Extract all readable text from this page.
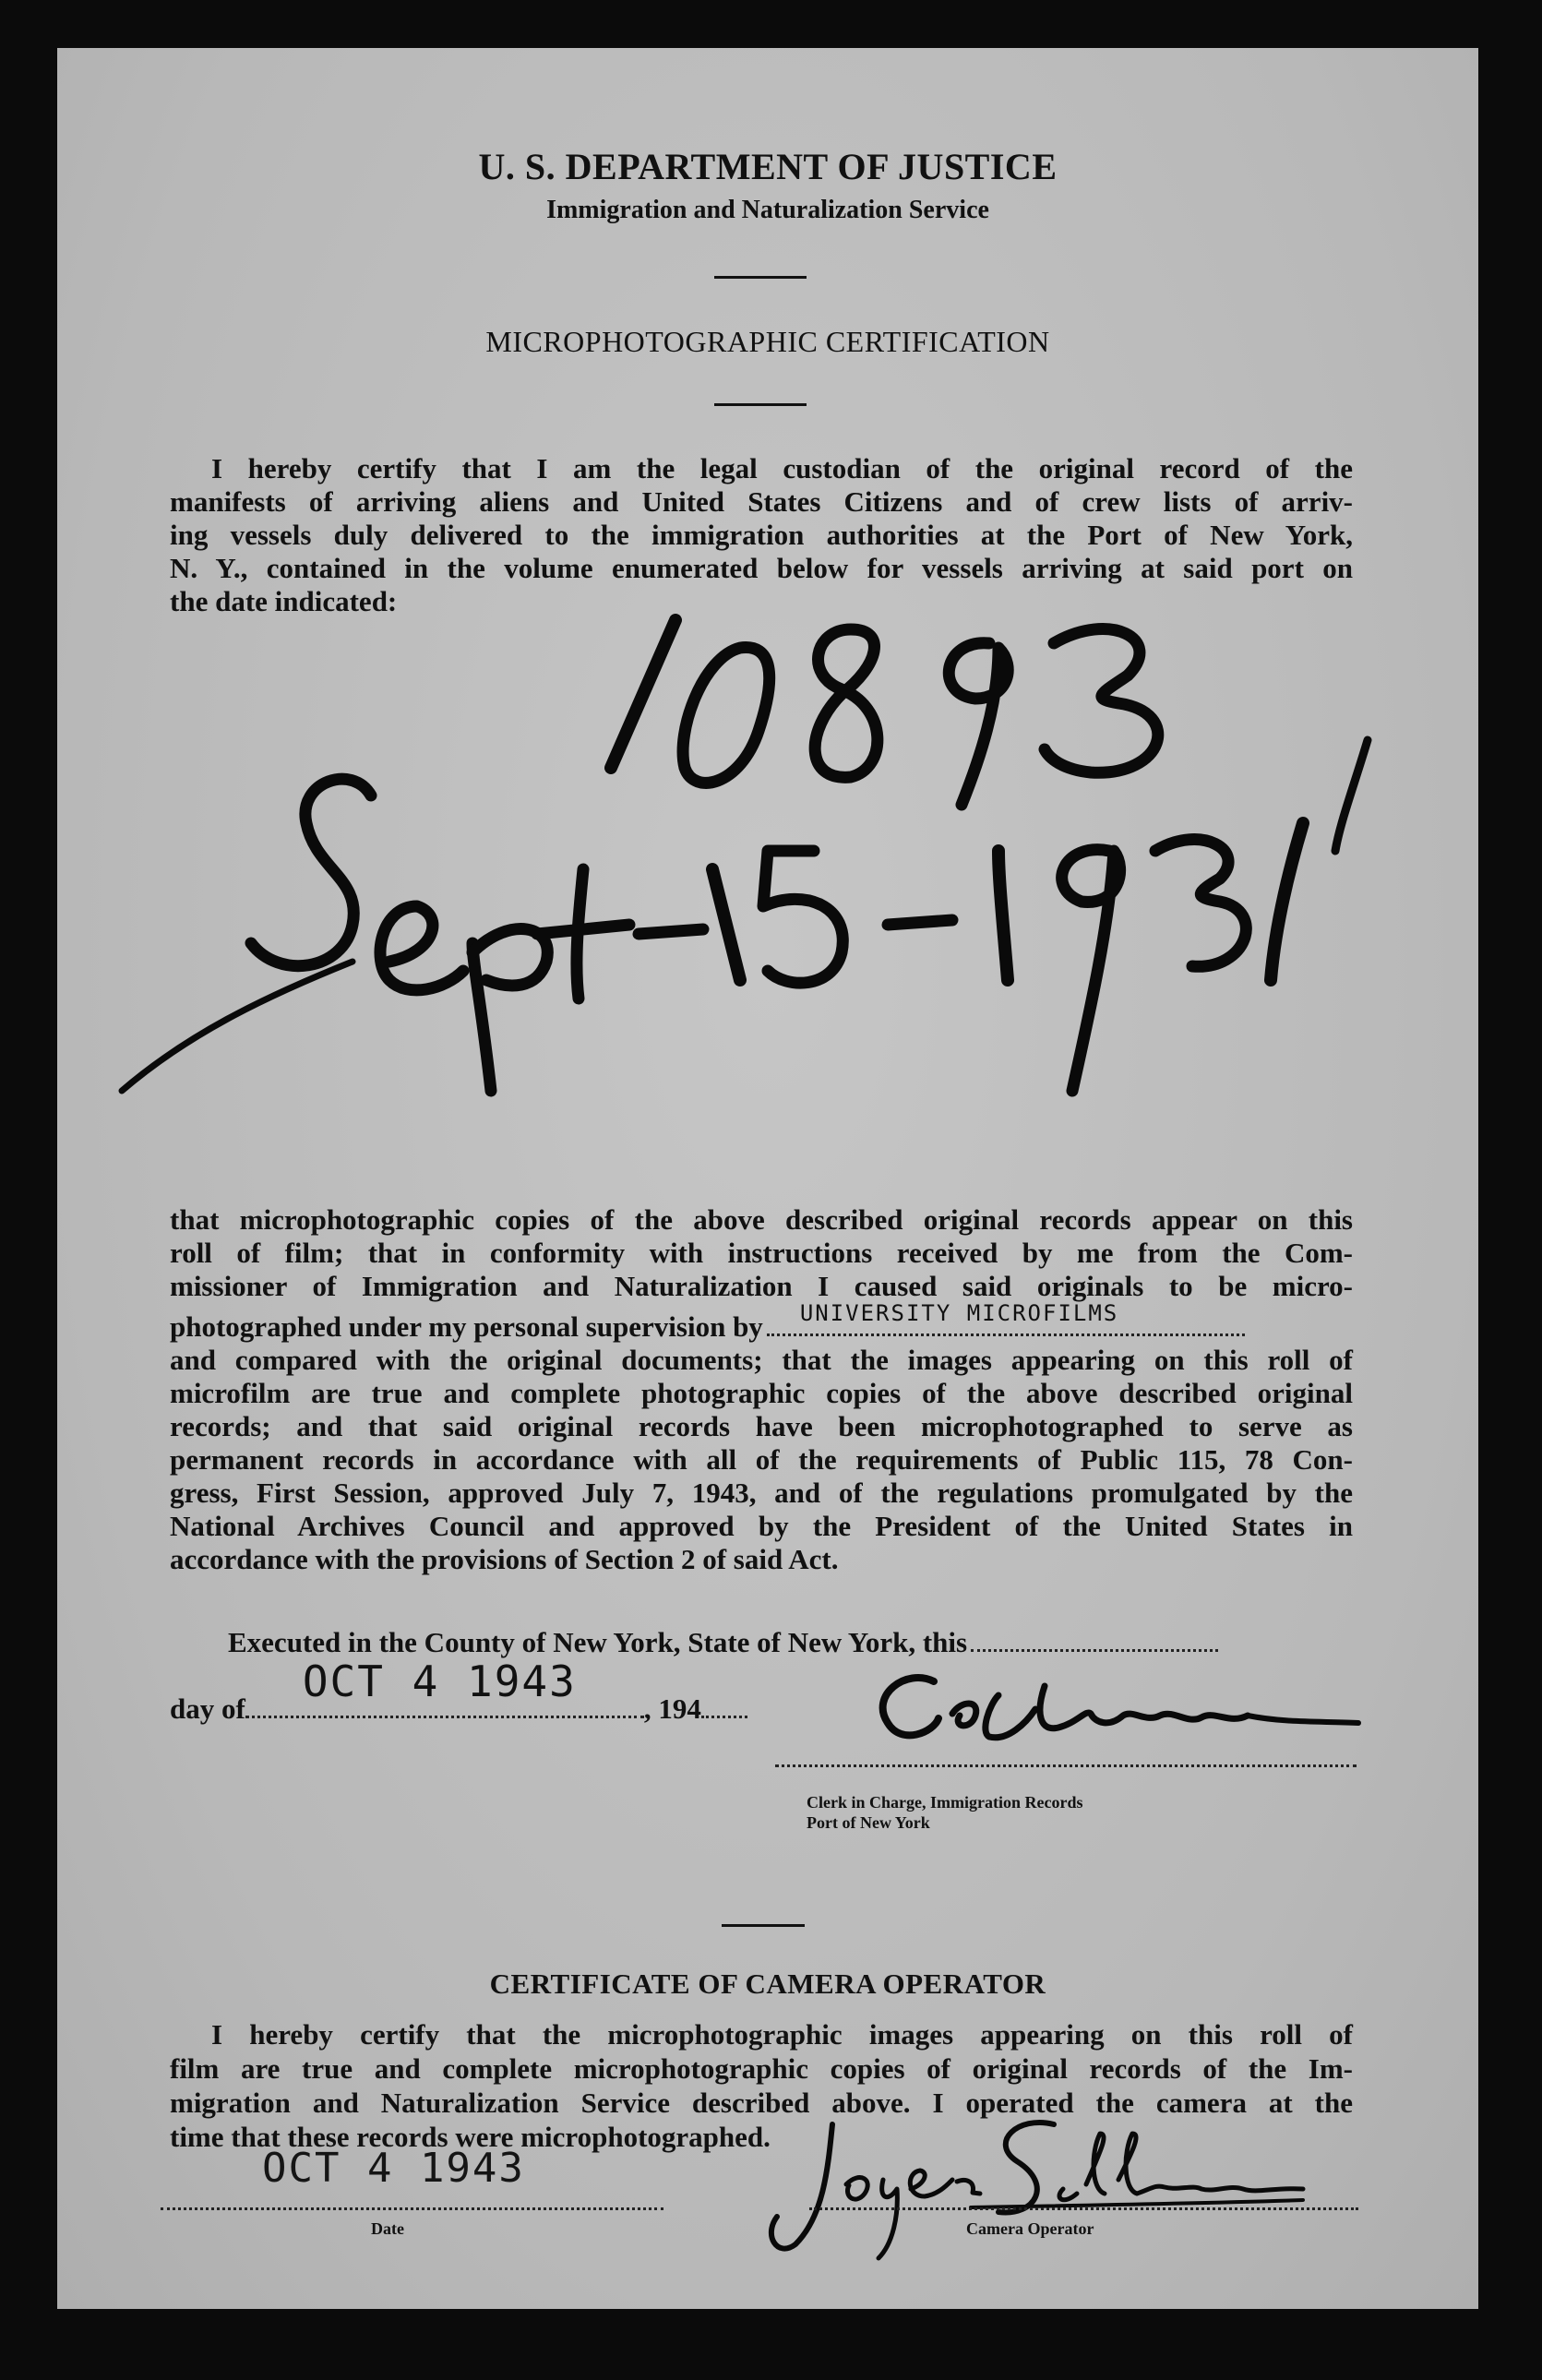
U. S. DEPARTMENT OF JUSTICE
Immigration and Naturalization Service
MICROPHOTOGRAPHIC CERTIFICATION
I hereby certify that I am the legal custodian of the original record of the
manifests of arriving aliens and United States Citizens and of crew lists of arriv-
ing vessels duly delivered to the immigration authorities at the Port of New York,
N. Y., contained in the volume enumerated below for vessels arriving at said port on
the date indicated:
that microphotographic copies of the above described original records appear on this
roll of film; that in conformity with instructions received by me from the Com-
missioner of Immigration and Naturalization I caused said originals to be micro-
photographed under my personal supervision by UNIVERSITY MICROFILMS
and compared with the original documents; that the images appearing on this roll of
microfilm are true and complete photographic copies of the above described original
records; and that said original records have been microphotographed to serve as
permanent records in accordance with all of the requirements of Public 115, 78 Con-
gress, First Session, approved July 7, 1943, and of the regulations promulgated by the
National Archives Council and approved by the President of the United States in
accordance with the provisions of Section 2 of said Act.
Executed in the County of New York, State of New York, this
day of
OCT 4 1943
, 194
Clerk in Charge, Immigration Records
Port of New York
CERTIFICATE OF CAMERA OPERATOR
I hereby certify that the microphotographic images appearing on this roll of
film are true and complete microphotographic copies of original records of the Im-
migration and Naturalization Service described above. I operated the camera at the
time that these records were microphotographed.
OCT 4 1943
Date	Camera Operator
